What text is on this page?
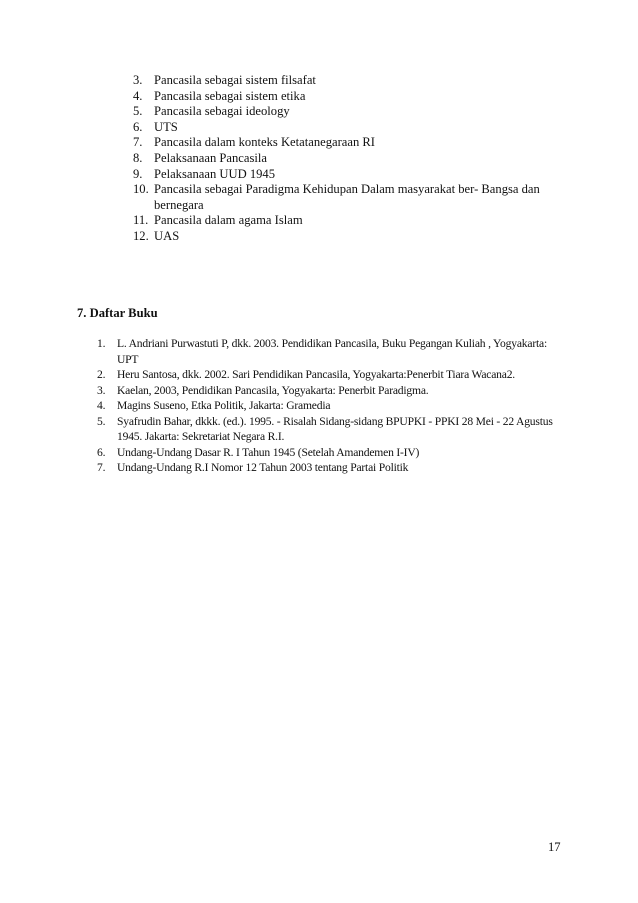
3. Pancasila sebagai sistem filsafat
4. Pancasila sebagai sistem etika
5. Pancasila sebagai ideology
6. UTS
7. Pancasila dalam konteks Ketatanegaraan RI
8. Pelaksanaan Pancasila
9. Pelaksanaan UUD 1945
10. Pancasila sebagai Paradigma Kehidupan Dalam masyarakat ber- Bangsa dan bernegara
11. Pancasila dalam agama Islam
12. UAS
7. Daftar Buku
1. L. Andriani Purwastuti P, dkk. 2003. Pendidikan Pancasila, Buku Pegangan Kuliah , Yogyakarta: UPT
2. Heru Santosa, dkk. 2002. Sari Pendidikan Pancasila, Yogyakarta:Penerbit Tiara Wacana2.
3. Kaelan, 2003, Pendidikan Pancasila, Yogyakarta: Penerbit Paradigma.
4. Magins Suseno, Etka Politik, Jakarta: Gramedia
5. Syafrudin Bahar, dkkk. (ed.). 1995. - Risalah Sidang-sidang BPUPKI - PPKI 28 Mei - 22 Agustus 1945. Jakarta: Sekretariat Negara R.I.
6. Undang-Undang Dasar R. I Tahun 1945 (Setelah Amandemen I-IV)
7. Undang-Undang R.I Nomor 12 Tahun 2003 tentang Partai Politik
17
